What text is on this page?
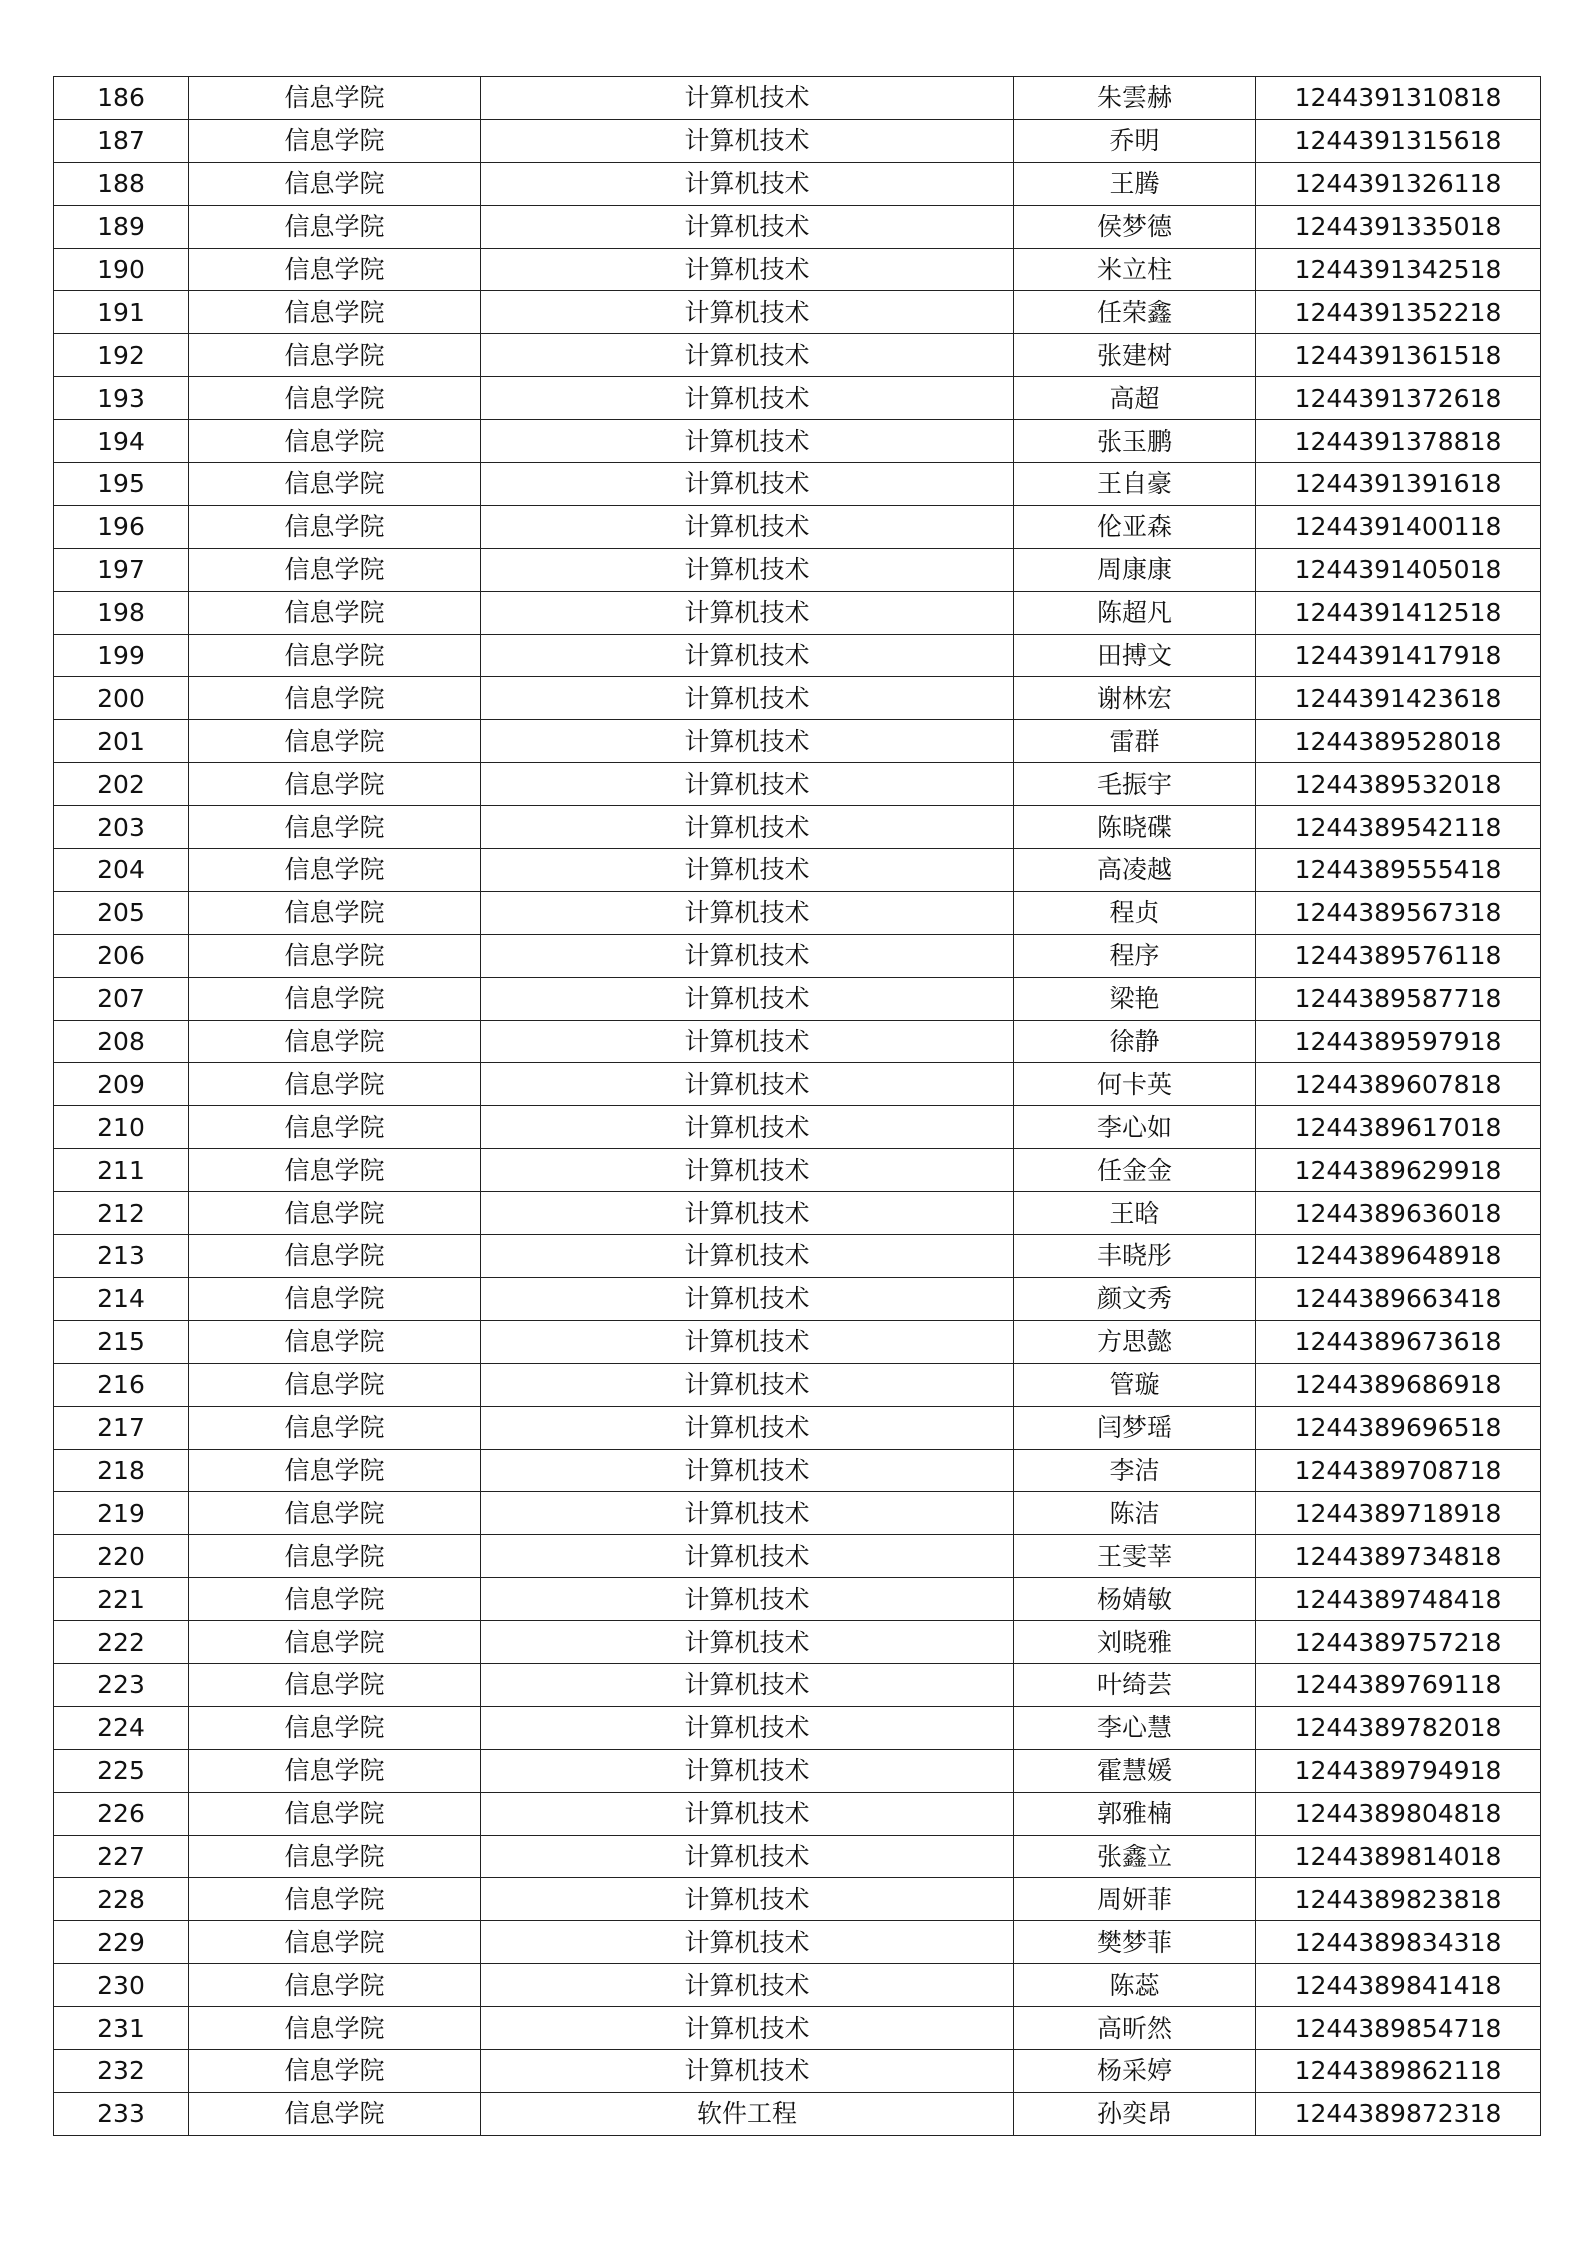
186	信息学院	计算机技术	朱雲赫	1244391310818
187	信息学院	计算机技术	乔明	1244391315618
188	信息学院	计算机技术	王腾	1244391326118
189	信息学院	计算机技术	侯梦德	1244391335018
190	信息学院	计算机技术	米立柱	1244391342518
191	信息学院	计算机技术	任荣鑫	1244391352218
192	信息学院	计算机技术	张建树	1244391361518
193	信息学院	计算机技术	高超	1244391372618
194	信息学院	计算机技术	张玉鹏	1244391378818
195	信息学院	计算机技术	王自豪	1244391391618
196	信息学院	计算机技术	伦亚森	1244391400118
197	信息学院	计算机技术	周康康	1244391405018
198	信息学院	计算机技术	陈超凡	1244391412518
199	信息学院	计算机技术	田搏文	1244391417918
200	信息学院	计算机技术	谢林宏	1244391423618
201	信息学院	计算机技术	雷群	1244389528018
202	信息学院	计算机技术	毛振宇	1244389532018
203	信息学院	计算机技术	陈晓碟	1244389542118
204	信息学院	计算机技术	高凌越	1244389555418
205	信息学院	计算机技术	程贞	1244389567318
206	信息学院	计算机技术	程序	1244389576118
207	信息学院	计算机技术	梁艳	1244389587718
208	信息学院	计算机技术	徐静	1244389597918
209	信息学院	计算机技术	何卡英	1244389607818
210	信息学院	计算机技术	李心如	1244389617018
211	信息学院	计算机技术	任金金	1244389629918
212	信息学院	计算机技术	王晗	1244389636018
213	信息学院	计算机技术	丰晓彤	1244389648918
214	信息学院	计算机技术	颜文秀	1244389663418
215	信息学院	计算机技术	方思懿	1244389673618
216	信息学院	计算机技术	管璇	1244389686918
217	信息学院	计算机技术	闫梦瑶	1244389696518
218	信息学院	计算机技术	李洁	1244389708718
219	信息学院	计算机技术	陈洁	1244389718918
220	信息学院	计算机技术	王雯莘	1244389734818
221	信息学院	计算机技术	杨婧敏	1244389748418
222	信息学院	计算机技术	刘晓雅	1244389757218
223	信息学院	计算机技术	叶绮芸	1244389769118
224	信息学院	计算机技术	李心慧	1244389782018
225	信息学院	计算机技术	霍慧媛	1244389794918
226	信息学院	计算机技术	郭雅楠	1244389804818
227	信息学院	计算机技术	张鑫立	1244389814018
228	信息学院	计算机技术	周妍菲	1244389823818
229	信息学院	计算机技术	樊梦菲	1244389834318
230	信息学院	计算机技术	陈蕊	1244389841418
231	信息学院	计算机技术	高昕然	1244389854718
232	信息学院	计算机技术	杨采婷	1244389862118
233	信息学院	软件工程	孙奕昂	1244389872318
